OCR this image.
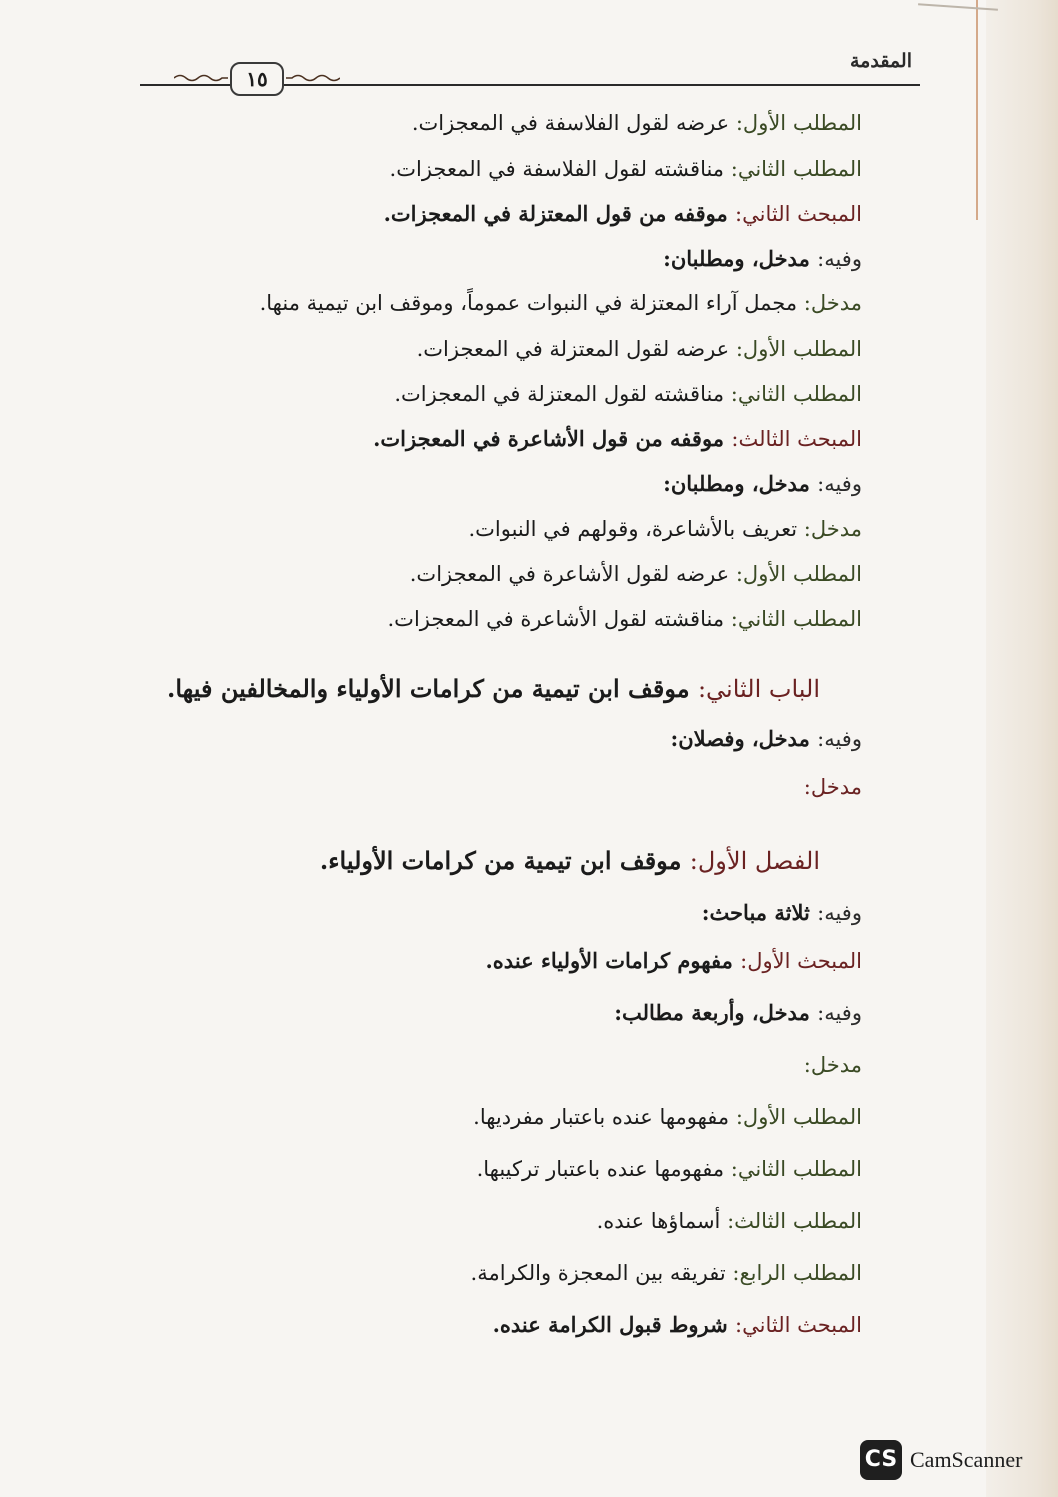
المقدمة
١٥
المطلب الأول: عرضه لقول الفلاسفة في المعجزات.
المطلب الثاني: مناقشته لقول الفلاسفة في المعجزات.
المبحث الثاني: موقفه من قول المعتزلة في المعجزات.
وفيه: مدخل، ومطلبان:
مدخل: مجمل آراء المعتزلة في النبوات عموماً، وموقف ابن تيمية منها.
المطلب الأول: عرضه لقول المعتزلة في المعجزات.
المطلب الثاني: مناقشته لقول المعتزلة في المعجزات.
المبحث الثالث: موقفه من قول الأشاعرة في المعجزات.
وفيه: مدخل، ومطلبان:
مدخل: تعريف بالأشاعرة، وقولهم في النبوات.
المطلب الأول: عرضه لقول الأشاعرة في المعجزات.
المطلب الثاني: مناقشته لقول الأشاعرة في المعجزات.
الباب الثاني: موقف ابن تيمية من كرامات الأولياء والمخالفين فيها.
وفيه: مدخل، وفصلان:
مدخل:
الفصل الأول: موقف ابن تيمية من كرامات الأولياء.
وفيه: ثلاثة مباحث:
المبحث الأول: مفهوم كرامات الأولياء عنده.
وفيه: مدخل، وأربعة مطالب:
مدخل:
المطلب الأول: مفهومها عنده باعتبار مفرديها.
المطلب الثاني: مفهومها عنده باعتبار تركيبها.
المطلب الثالث: أسماؤها عنده.
المطلب الرابع: تفريقه بين المعجزة والكرامة.
المبحث الثاني: شروط قبول الكرامة عنده.
CS CamScanner
